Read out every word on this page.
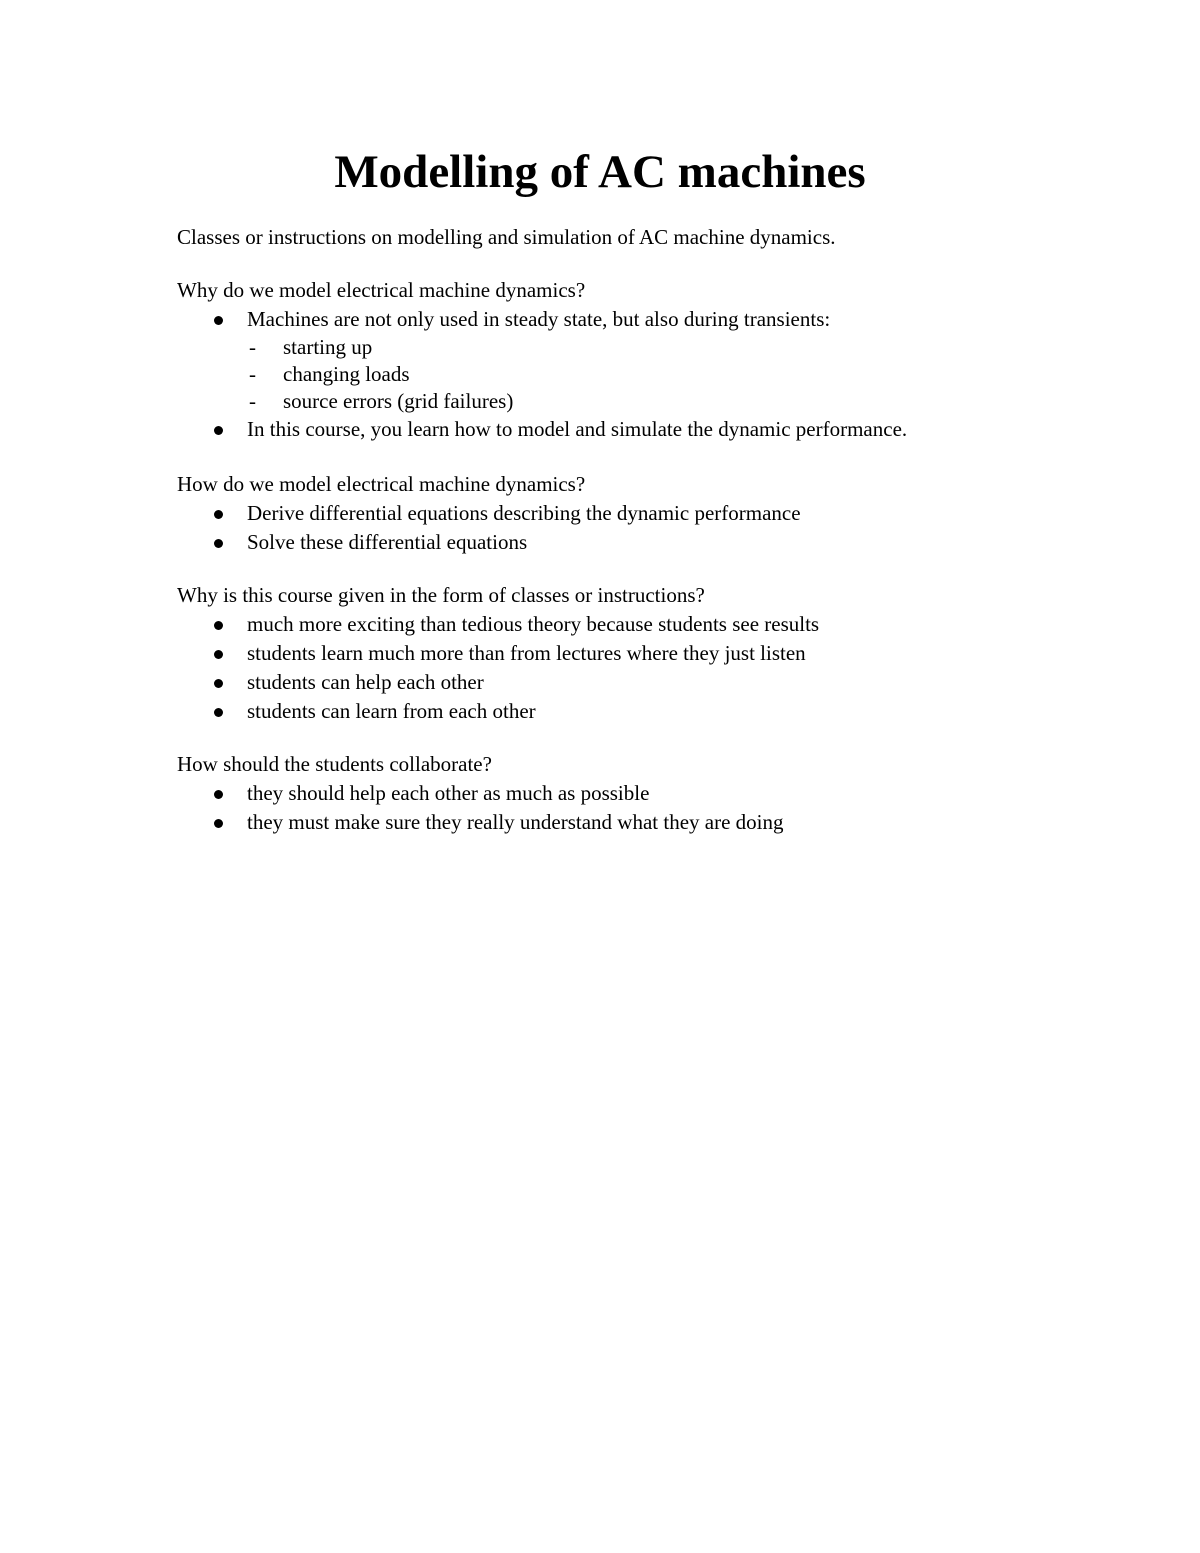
Modelling of AC machines

Classes or instructions on modelling and simulation of AC machine dynamics.

Why do we model electrical machine dynamics?

Machines are not only used in steady state, but also during transients:
- starting up
- changing loads
- source errors (grid failures)
In this course, you learn how to model and simulate the dynamic performance.

How do we model electrical machine dynamics?

Derive differential equations describing the dynamic performance
Solve these differential equations

Why is this course given in the form of classes or instructions?

much more exciting than tedious theory because students see results
students learn much more than from lectures where they just listen
students can help each other
students can learn from each other

How should the students collaborate?

they should help each other as much as possible
they must make sure they really understand what they are doing
